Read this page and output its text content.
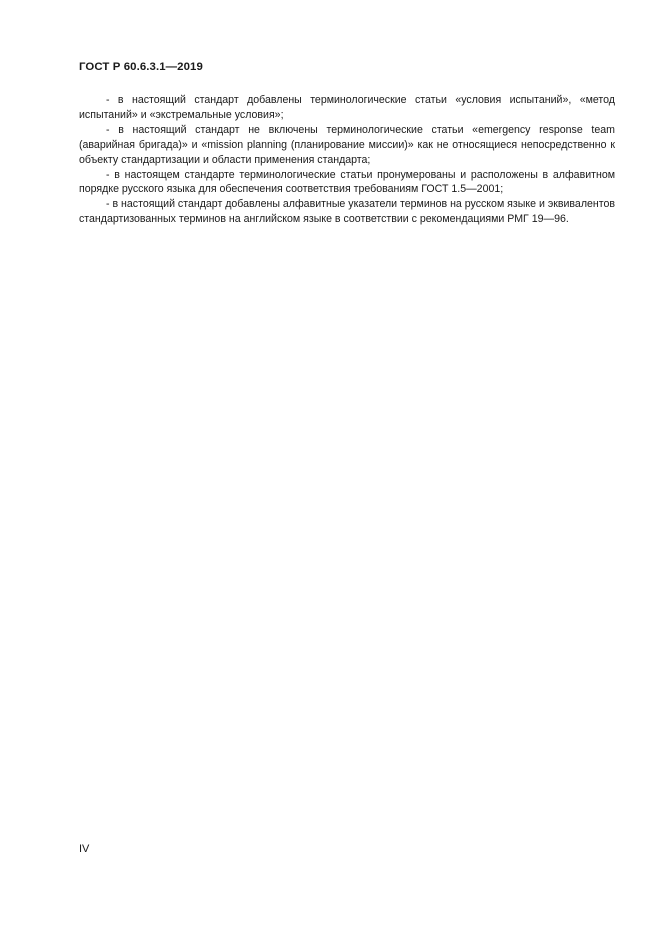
ГОСТ Р 60.6.3.1—2019

- в настоящий стандарт добавлены терминологические статьи «условия испытаний», «метод испытаний» и «экстремальные условия»;

- в настоящий стандарт не включены терминологические статьи «emergency response team (аварийная бригада)» и «mission planning (планирование миссии)» как не относящиеся непосредственно к объекту стандартизации и области применения стандарта;

- в настоящем стандарте терминологические статьи пронумерованы и расположены в алфавитном порядке русского языка для обеспечения соответствия требованиям ГОСТ 1.5—2001;

- в настоящий стандарт добавлены алфавитные указатели терминов на русском языке и эквивалентов стандартизованных терминов на английском языке в соответствии с рекомендациями РМГ 19—96.

IV
